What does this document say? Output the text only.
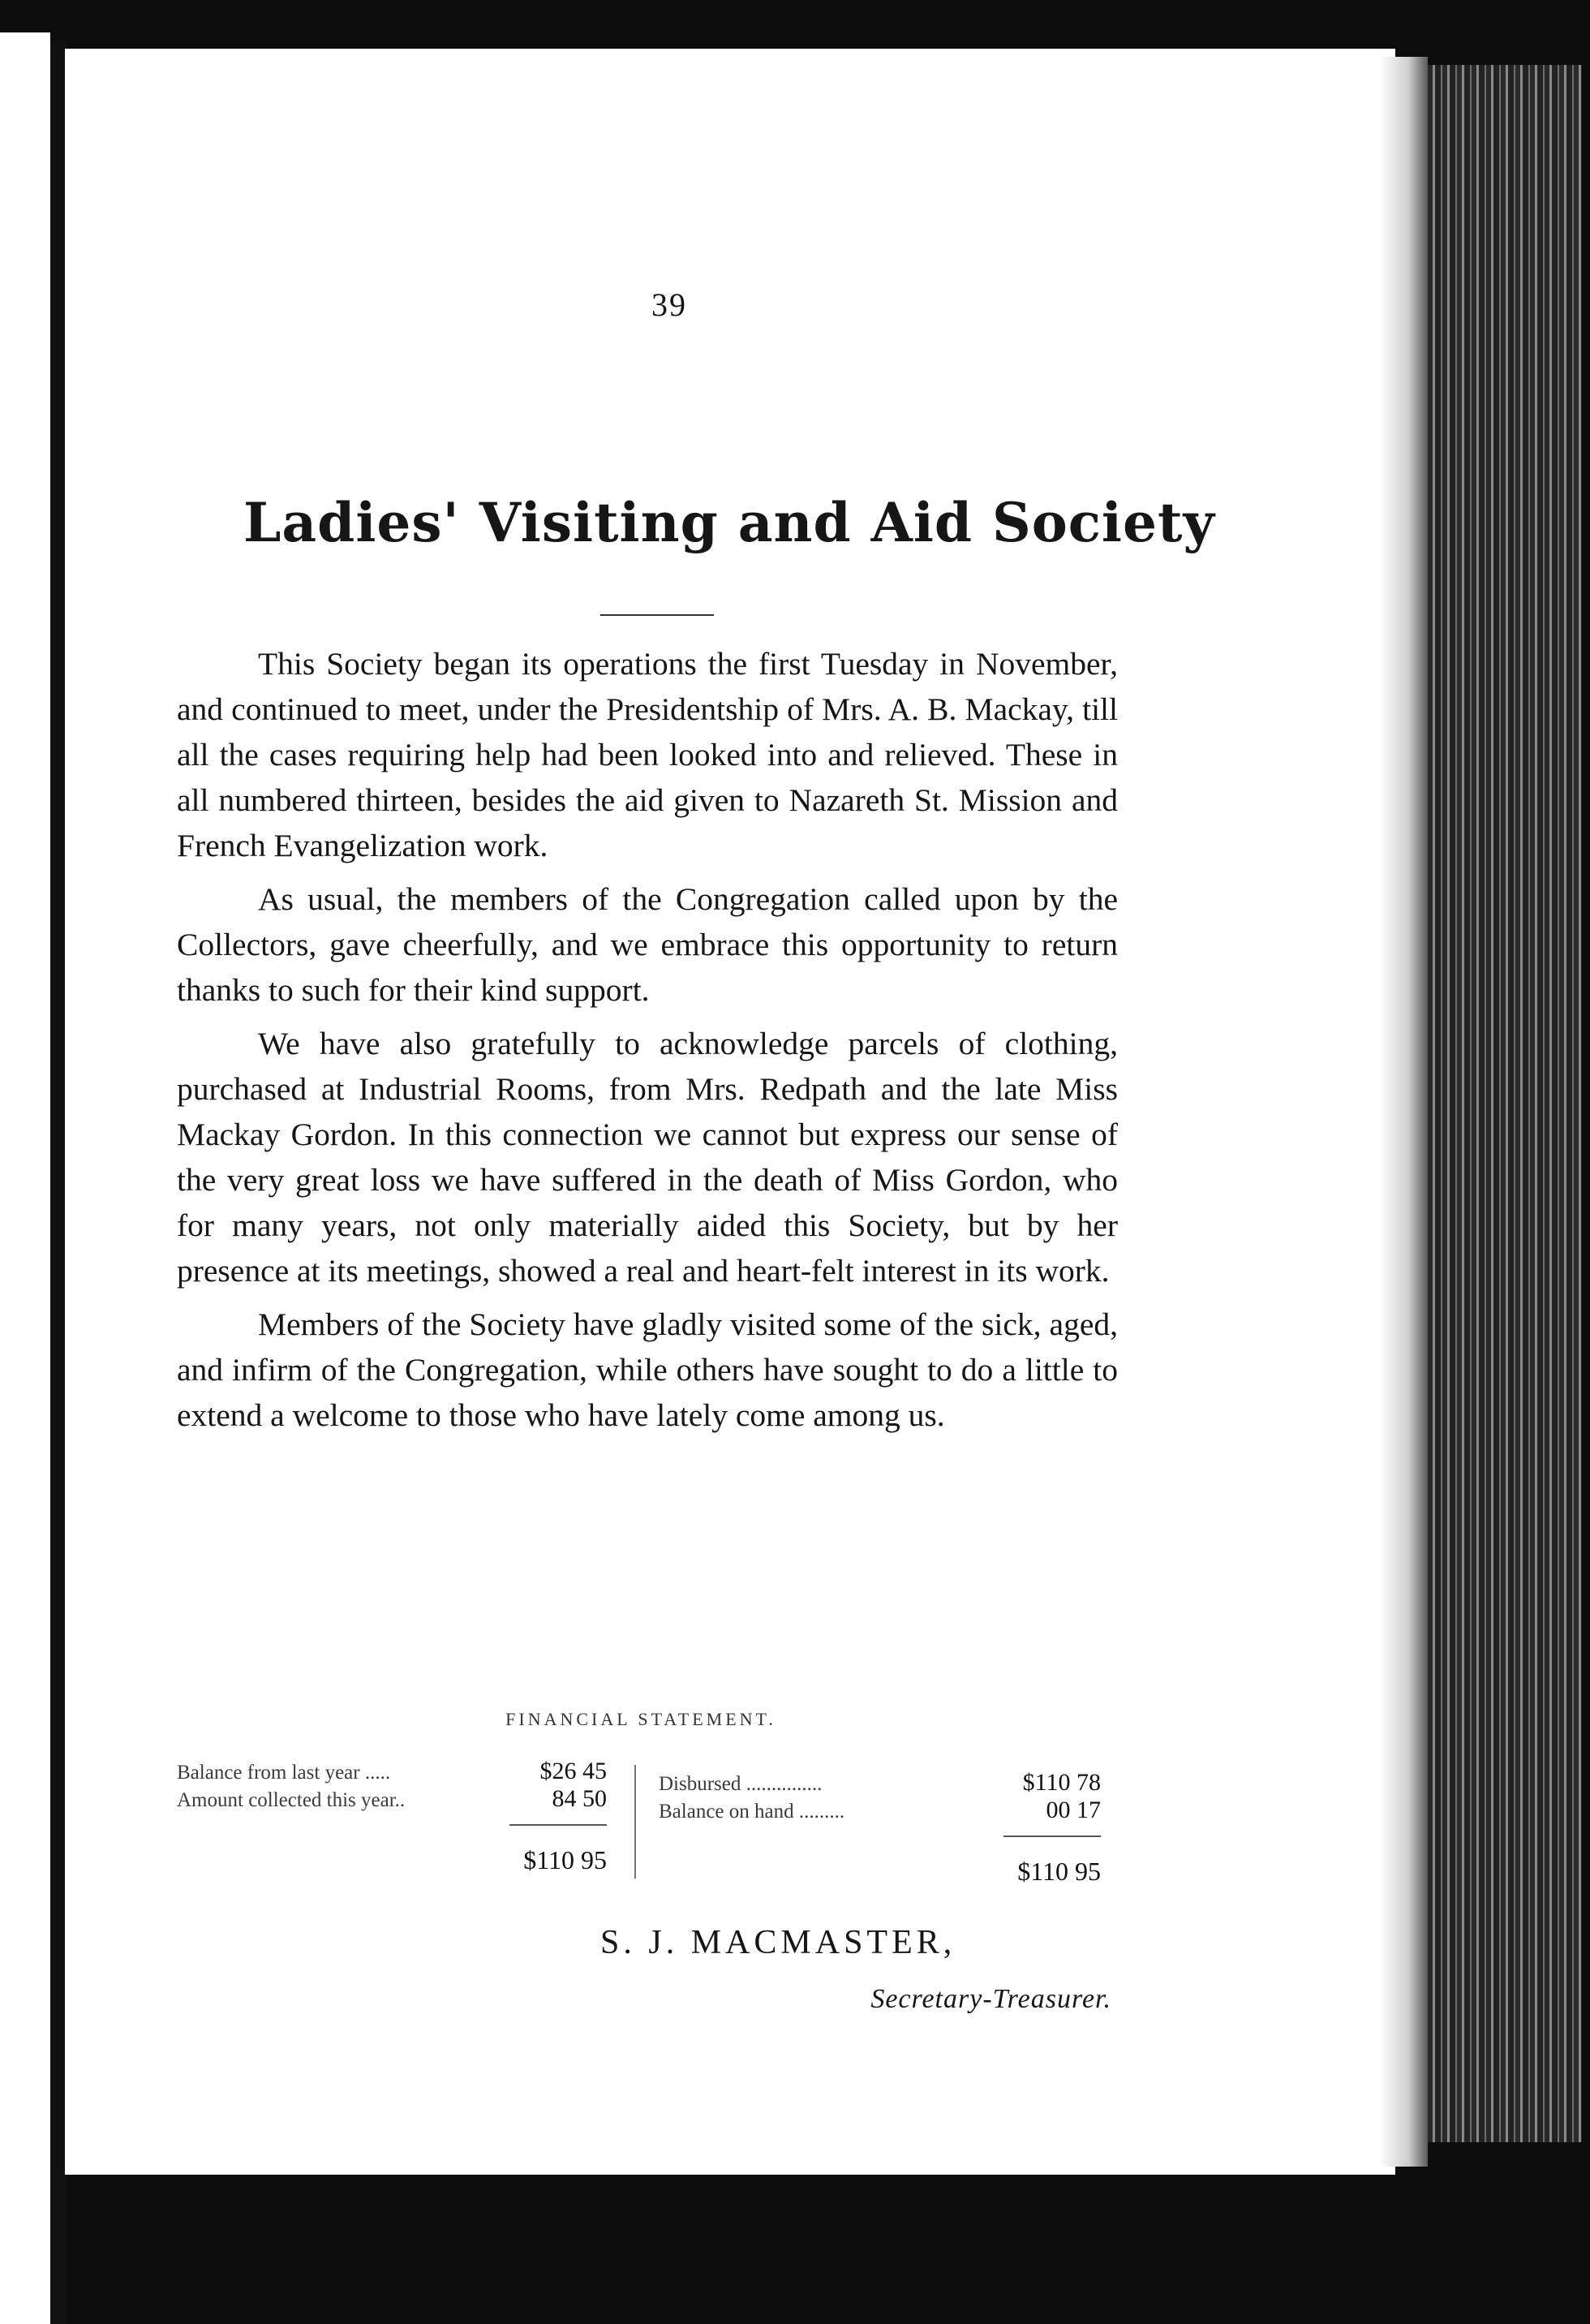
39
Ladies' Visiting and Aid Society

This Society began its operations the first Tuesday in November, and continued to meet, under the Presidentship of Mrs. A. B. Mackay, till all the cases requiring help had been looked into and relieved. These in all numbered thirteen, besides the aid given to Nazareth St. Mission and French Evangelization work.

As usual, the members of the Congregation called upon by the Collectors, gave cheerfully, and we embrace this opportunity to return thanks to such for their kind support.

We have also gratefully to acknowledge parcels of clothing, purchased at Industrial Rooms, from Mrs. Redpath and the late Miss Mackay Gordon. In this connection we cannot but express our sense of the very great loss we have suffered in the death of Miss Gordon, who for many years, not only materially aided this Society, but by her presence at its meetings, showed a real and heart-felt interest in its work.

Members of the Society have gladly visited some of the sick, aged, and infirm of the Congregation, while others have sought to do a little to extend a welcome to those who have lately come among us.

FINANCIAL STATEMENT.
Balance from last year .....	$26 45
Amount collected this year..	84 50
$110 95
Disbursed ...............	$110 78
Balance on hand .........	00 17
$110 95
S. J. MACMASTER,
Secretary-Treasurer.
